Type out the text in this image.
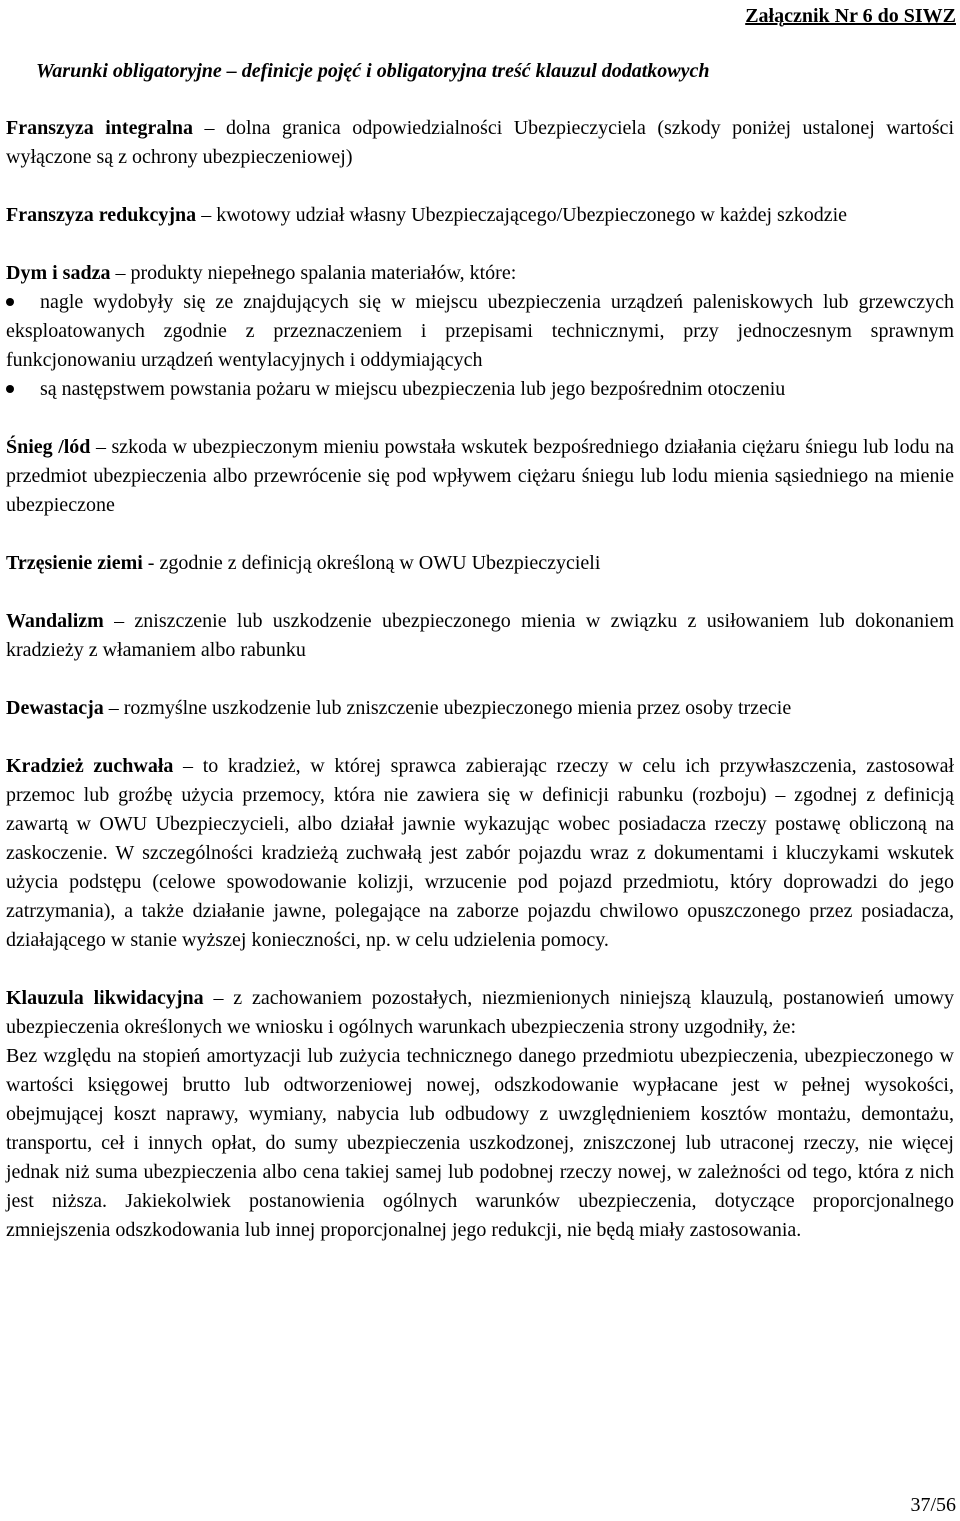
Załącznik Nr 6 do SIWZ
Warunki obligatoryjne – definicje pojęć i obligatoryjna treść klauzul dodatkowych

Franszyza integralna – dolna granica odpowiedzialności Ubezpieczyciela (szkody poniżej ustalonej wartości wyłączone są z ochrony ubezpieczeniowej)

Franszyza redukcyjna – kwotowy udział własny Ubezpieczającego/Ubezpieczonego w każdej szkodzie

Dym i sadza – produkty niepełnego spalania materiałów, które:

nagle wydobyły się ze znajdujących się w miejscu ubezpieczenia urządzeń paleniskowych lub grzewczych eksploatowanych zgodnie z przeznaczeniem i przepisami technicznymi, przy jednoczesnym sprawnym funkcjonowaniu urządzeń wentylacyjnych i oddymiających
są następstwem powstania pożaru w miejscu ubezpieczenia lub jego bezpośrednim otoczeniu

Śnieg /lód – szkoda w ubezpieczonym mieniu powstała wskutek bezpośredniego działania ciężaru śniegu lub lodu na przedmiot ubezpieczenia albo przewrócenie się pod wpływem ciężaru śniegu lub lodu mienia sąsiedniego na mienie ubezpieczone

Trzęsienie ziemi - zgodnie z definicją określoną w OWU Ubezpieczycieli

Wandalizm – zniszczenie lub uszkodzenie ubezpieczonego mienia w związku z usiłowaniem lub dokonaniem kradzieży z włamaniem albo rabunku

Dewastacja – rozmyślne uszkodzenie lub zniszczenie ubezpieczonego mienia przez osoby trzecie

Kradzież zuchwała – to kradzież, w której sprawca zabierając rzeczy w celu ich przywłaszczenia, zastosował przemoc lub groźbę użycia przemocy, która nie zawiera się w definicji rabunku (rozboju) – zgodnej z definicją zawartą w OWU Ubezpieczycieli, albo działał jawnie wykazując wobec posiadacza rzeczy postawę obliczoną na zaskoczenie. W szczególności kradzieżą zuchwałą jest zabór pojazdu wraz z dokumentami i kluczykami wskutek użycia podstępu (celowe spowodowanie kolizji, wrzucenie pod pojazd przedmiotu, który doprowadzi do jego zatrzymania), a także działanie jawne, polegające na zaborze pojazdu chwilowo opuszczonego przez posiadacza, działającego w stanie wyższej konieczności, np. w celu udzielenia pomocy.

Klauzula likwidacyjna – z zachowaniem pozostałych, niezmienionych niniejszą klauzulą, postanowień umowy ubezpieczenia określonych we wniosku i ogólnych warunkach ubezpieczenia strony uzgodniły, że:

Bez względu na stopień amortyzacji lub zużycia technicznego danego przedmiotu ubezpieczenia, ubezpieczonego w wartości księgowej brutto lub odtworzeniowej nowej, odszkodowanie wypłacane jest w pełnej wysokości, obejmującej koszt naprawy, wymiany, nabycia lub odbudowy z uwzględnieniem kosztów montażu, demontażu, transportu, ceł i innych opłat, do sumy ubezpieczenia uszkodzonej, zniszczonej lub utraconej rzeczy, nie więcej jednak niż suma ubezpieczenia albo cena takiej samej lub podobnej rzeczy nowej, w zależności od tego, która z nich jest niższa. Jakiekolwiek postanowienia ogólnych warunków ubezpieczenia, dotyczące proporcjonalnego zmniejszenia odszkodowania lub innej proporcjonalnej jego redukcji, nie będą miały zastosowania.

37/56
